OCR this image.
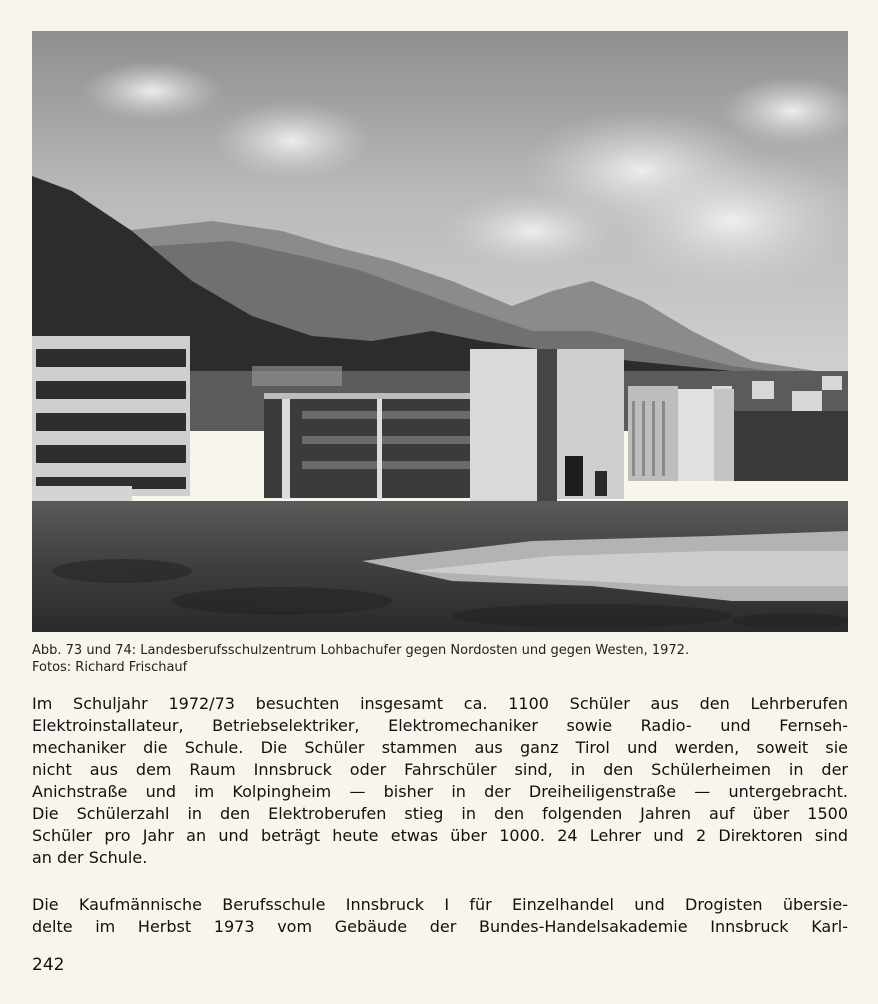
Abb. 73 und 74: Landesberufsschulzentrum Lohbachufer gegen Nordosten und gegen Westen, 1972.
Fotos: Richard Frischauf
Im Schuljahr 1972/73 besuchten insgesamt ca. 1100 Schüler aus den Lehrberufen
Elektroinstallateur, Betriebselektriker, Elektromechaniker sowie Radio- und Fernseh-
mechaniker die Schule. Die Schüler stammen aus ganz Tirol und werden, soweit sie
nicht aus dem Raum Innsbruck oder Fahrschüler sind, in den Schülerheimen in der
Anichstraße und im Kolpingheim — bisher in der Dreiheiligenstraße — untergebracht.
Die Schülerzahl in den Elektroberufen stieg in den folgenden Jahren auf über 1500
Schüler pro Jahr an und beträgt heute etwas über 1000. 24 Lehrer und 2 Direktoren sind
an der Schule.
Die Kaufmännische Berufsschule Innsbruck I für Einzelhandel und Drogisten übersie-
delte im Herbst 1973 vom Gebäude der Bundes-Handelsakademie Innsbruck Karl-
242
